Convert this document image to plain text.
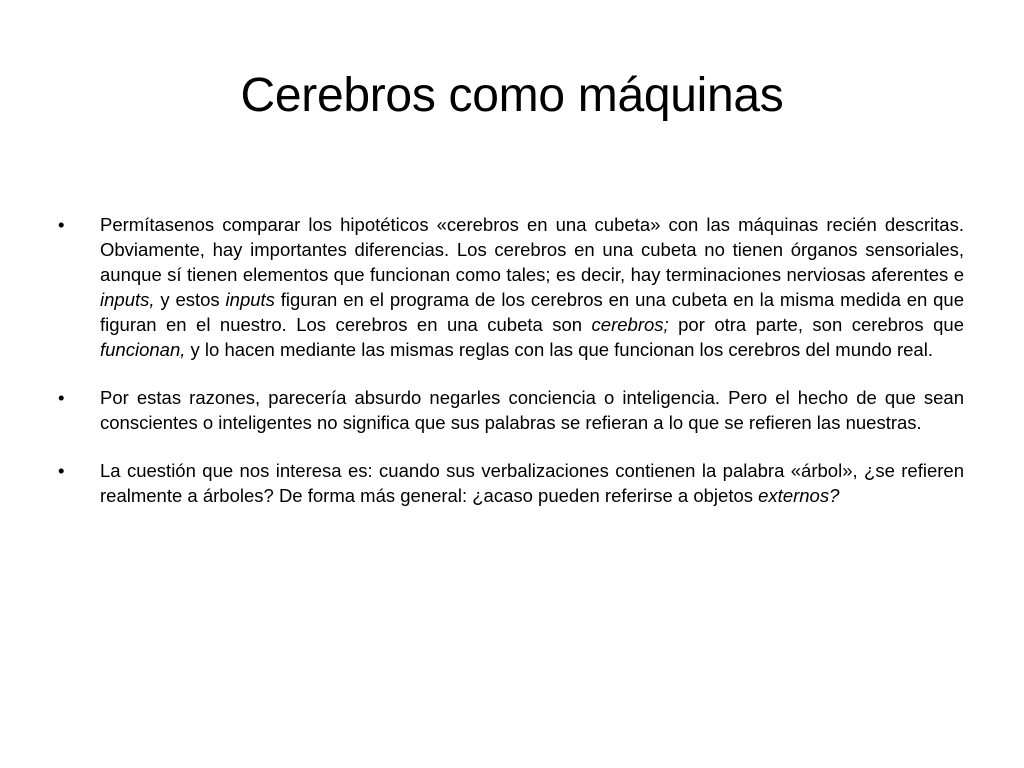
Cerebros como máquinas
• Permítasenos comparar los hipotéticos «cerebros en una cubeta» con las máquinas recién descritas. Obviamente, hay importantes diferencias. Los cerebros en una cubeta no tienen órganos sensoriales, aunque sí tienen elementos que funcionan como tales; es decir, hay terminaciones nerviosas aferentes e inputs, y estos inputs figuran en el programa de los cerebros en una cubeta en la misma medida en que figuran en el nuestro. Los cerebros en una cubeta son cerebros; por otra parte, son cerebros que funcionan, y lo hacen mediante las mismas reglas con las que funcionan los cerebros del mundo real.
• Por estas razones, parecería absurdo negarles conciencia o inteligencia. Pero el hecho de que sean conscientes o inteligentes no significa que sus palabras se refieran a lo que se refieren las nuestras.
• La cuestión que nos interesa es: cuando sus verbalizaciones contienen la palabra «árbol», ¿se refieren realmente a árboles? De forma más general: ¿acaso pueden referirse a objetos externos?
